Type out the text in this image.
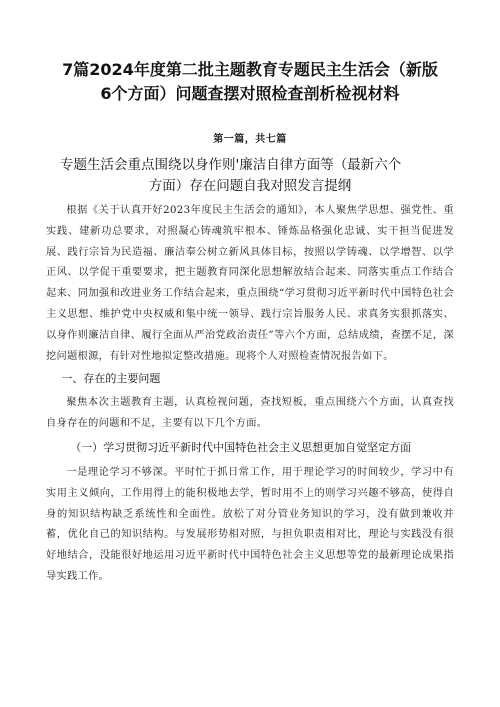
7篇2024年度第二批主题教育专题民主生活会（新版6个方面）问题查摆对照检查剖析检视材料
第一篇，共七篇
专题生活会重点围绕以身作则'廉洁自律方面等（最新六个
方面）存在问题自我对照发言提纲

根据《关于认真开好2023年度民主生活会的通知》，本人聚焦学思想、强党性、重实践、建新功总要求，对照凝心铸魂筑牢根本、锤炼品格强化忠诚、实干担当促进发展、践行宗旨为民造福、廉洁奉公树立新风具体目标，按照以学铸魂、以学增智、以学正风、以学促干重要要求，把主题教育同深化思想解放结合起来、同落实重点工作结合起来、同加强和改进业务工作结合起来，重点围绕“学习贯彻习近平新时代中国特色社会主义思想、维护党中央权威和集中统一领导、践行宗旨服务人民、求真务实狠抓落实、以身作则廉洁自律、履行全面从严治党政治责任”等六个方面，总结成绩，查摆不足，深挖问题根源，有针对性地拟定整改措施。现将个人对照检查情况报告如下。

一、存在的主要问题

聚焦本次主题教育主题，认真检视问题，查找短板，重点围绕六个方面，认真查找自身存在的问题和不足，主要有以下几个方面。

（一）学习贯彻习近平新时代中国特色社会主义思想更加自觉坚定方面

一是理论学习不够深。平时忙于抓日常工作，用于理论学习的时间较少，学习中有实用主义倾向，工作用得上的能积极地去学，暂时用不上的则学习兴趣不够高，使得自身的知识结构缺乏系统性和全面性。放松了对分管业务知识的学习，没有做到兼收并蓄，优化自己的知识结构。与发展形势相对照，与担负职责相对比，理论与实践没有很好地结合，没能很好地运用习近平新时代中国特色社会主义思想等党的最新理论成果指导实践工作。
